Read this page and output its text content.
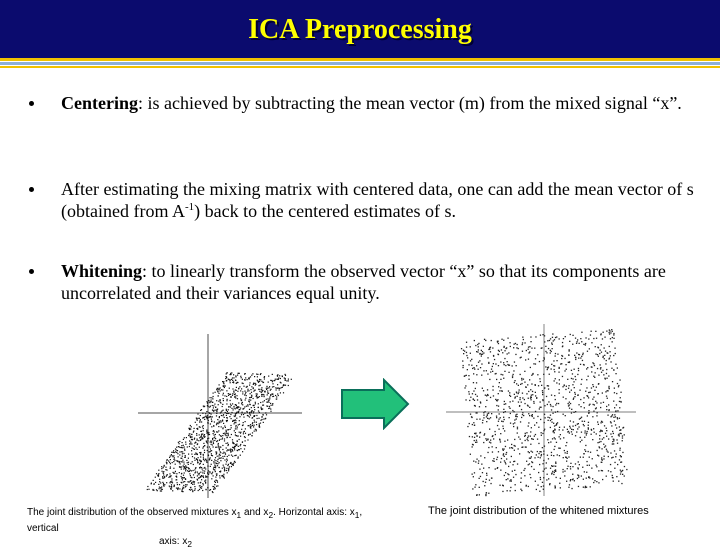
ICA Preprocessing
Centering: is achieved by subtracting the mean vector (m) from the mixed signal “x”.
After estimating the mixing matrix with centered data, one can add the mean vector of s (obtained from $A^{-1}$) back to the centered estimates of s.
Whitening: to linearly transform the observed vector “x” so that its components are uncorrelated and their variances equal unity.
The joint distribution of the observed mixtures $x_1$ and $x_2$. Horizontal axis: $x_1$, vertical
axis: $x_2$
The joint distribution of the whitened mixtures
